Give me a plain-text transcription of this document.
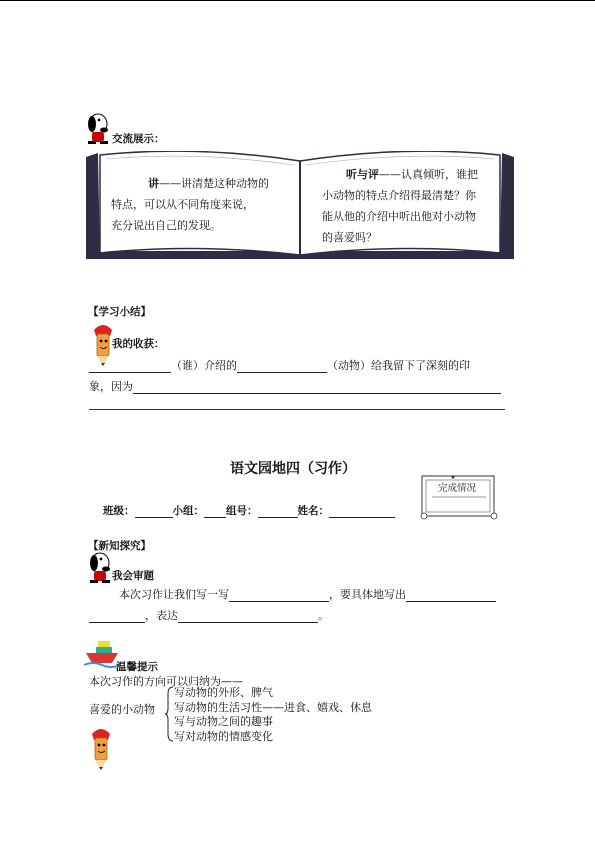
交流展示：
讲——讲清楚这种动物的
特点，可以从不同角度来说，
充分说出自己的发现。
听与评——认真倾听，谁把
小动物的特点介绍得最清楚？你
能从他的介绍中听出他对小动物
的喜爱吗？
【学习小结】
我的收获：
（谁）介绍的	（动物）给我留下了深刻的印
象，因为
语文园地四（习作）
完成情况
班级：	小组： 组号：	姓名：
【新知探究】
我会审题
本次习作让我们写一写	，要具体地写出
，表达	。
温馨提示
本次习作的方向可以归纳为——
喜爱的小动物
写动物的外形、脾气
写动物的生活习性——进食、嬉戏、休息
写与动物之间的趣事
写对动物的情感变化
